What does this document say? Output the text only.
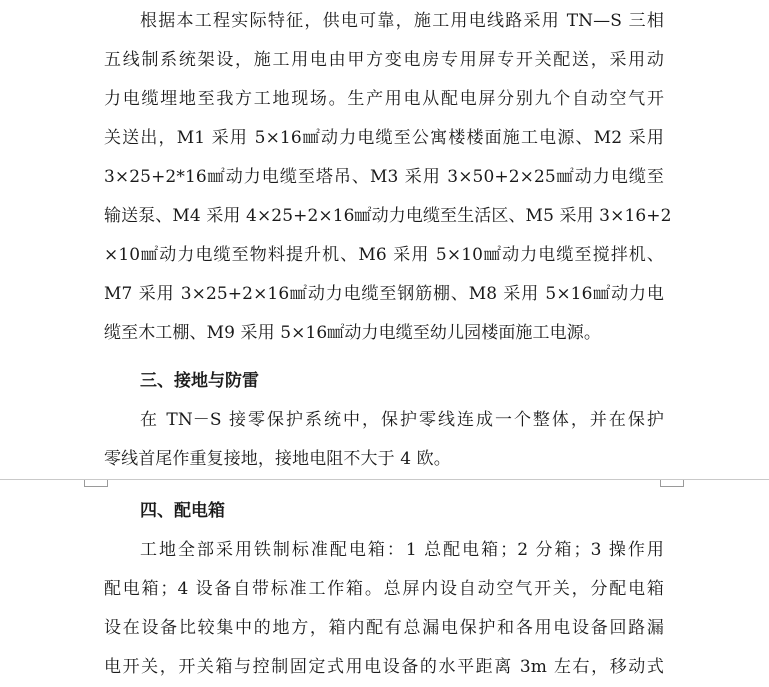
根据本工程实际特征，供电可靠，施工用电线路采用 TN—S 三相
五线制系统架设，施工用电由甲方变电房专用屏专开关配送，采用动
力电缆埋地至我方工地现场。生产用电从配电屏分别九个自动空气开
关送出，M1 采用 5×16㎟动力电缆至公寓楼楼面施工电源、M2 采用
3×25+2*16㎟动力电缆至塔吊、M3 采用 3×50+2×25㎟动力电缆至
输送泵、M4 采用 4×25+2×16㎟动力电缆至生活区、M5 采用 3×16+2
×10㎟动力电缆至物料提升机、M6 采用 5×10㎟动力电缆至搅拌机、
M7 采用 3×25+2×16㎟动力电缆至钢筋棚、M8 采用 5×16㎟动力电
缆至木工棚、M9 采用 5×16㎟动力电缆至幼儿园楼面施工电源。
三、接地与防雷
在 TN－S 接零保护系统中，保护零线连成一个整体，并在保护
零线首尾作重复接地，接地电阻不大于 4 欧。
四、配电箱
工地全部采用铁制标准配电箱：1 总配电箱；2 分箱；3 操作用
配电箱；4 设备自带标准工作箱。总屏内设自动空气开关，分配电箱
设在设备比较集中的地方，箱内配有总漏电保护和各用电设备回路漏
电开关，开关箱与控制固定式用电设备的水平距离 3m 左右，移动式
